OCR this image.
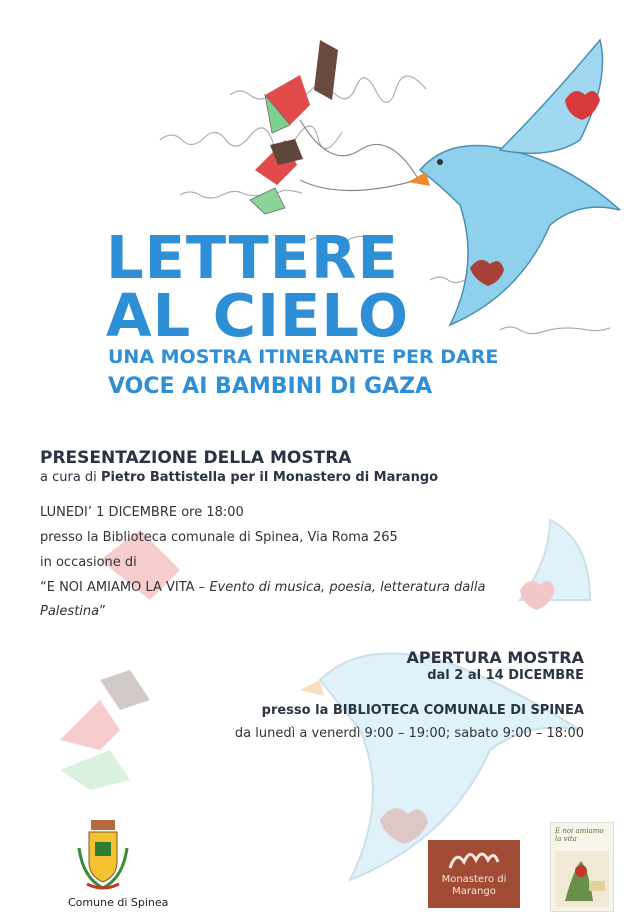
LETTERE
AL CIELO
UNA MOSTRA ITINERANTE PER DARE
VOCE AI BAMBINI DI GAZA
PRESENTAZIONE DELLA MOSTRA
a cura di Pietro Battistella per il Monastero di Marango
LUNEDI’ 1 DICEMBRE ore 18:00
presso la Biblioteca comunale di Spinea, Via Roma 265
in occasione di
“E NOI AMIAMO LA VITA – Evento di musica, poesia, letteratura dalla
Palestina”
APERTURA MOSTRA
dal 2 al 14 DICEMBRE
presso la BIBLIOTECA COMUNALE DI SPINEA
da lunedì a venerdì 9:00 – 19:00; sabato 9:00 – 18:00
Comune di Spinea
Monastero di
Marango
E noi amiamo la vita
